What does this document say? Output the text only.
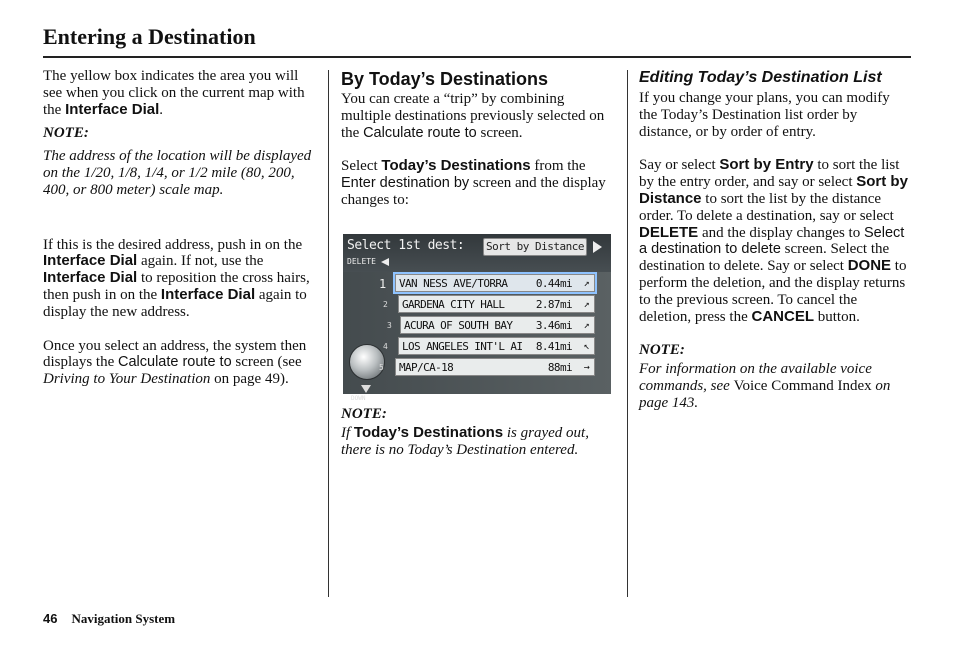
Entering a Destination

The yellow box indicates the area you will see when you click on the current map with the Interface Dial.

NOTE:

The address of the location will be displayed on the 1/20, 1/8, 1/4, or 1/2 mile (80, 200, 400, or 800 meter) scale map.

If this is the desired address, push in on the Interface Dial again. If not, use the Interface Dial to reposition the cross hairs, then push in on the Interface Dial again to display the new address.

Once you select an address, the system then displays the Calculate route to screen (see Driving to Your Destination on page 49).

By Today’s Destinations

You can create a “trip” by combining multiple destinations previously selected on the Calculate route to screen.

Select Today’s Destinations from the Enter destination by screen and the display changes to:

NOTE:

If Today’s Destinations is grayed out, there is no Today’s Destination entered.

Select 1st dest: Sort by Distance
DELETE
DOWN
1	VAN NESS AVE/TORRA	0.44mi ↗
2	GARDENA CITY HALL	2.87mi ↗
3	ACURA OF SOUTH BAY 3.46mi ↗
4	LOS ANGELES INT'L AI 8.41mi ↖
5	MAP/CA-18	88mi →

Editing Today’s Destination List

If you change your plans, you can modify the Today’s Destination list order by distance, or by order of entry.

Say or select Sort by Entry to sort the list by the entry order, and say or select Sort by Distance to sort the list by the distance order. To delete a destination, say or select DELETE and the display changes to Select a destination to delete screen. Select the destination to delete. Say or select DONE to perform the deletion, and the display returns to the previous screen. To cancel the deletion, press the CANCEL button.

NOTE:

For information on the available voice commands, see Voice Command Index on page 143.

46 Navigation System
